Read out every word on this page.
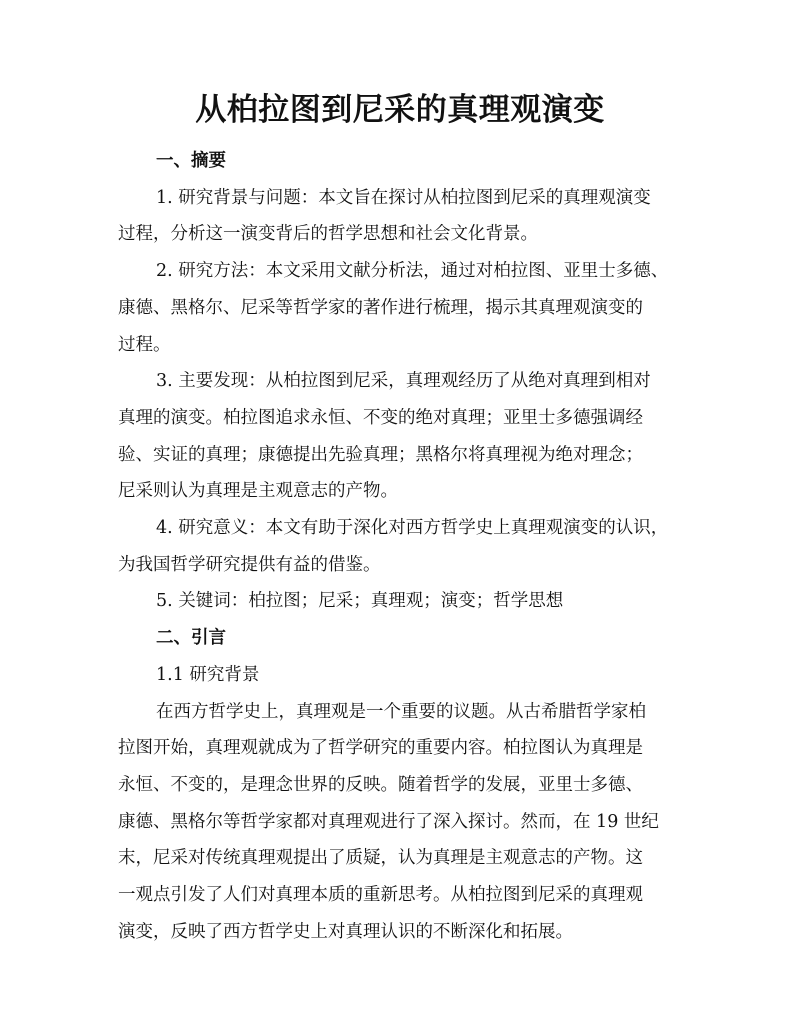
从柏拉图到尼采的真理观演变

一、摘要

1. 研究背景与问题：本文旨在探讨从柏拉图到尼采的真理观演变
过程，分析这一演变背后的哲学思想和社会文化背景。

2. 研究方法：本文采用文献分析法，通过对柏拉图、亚里士多德、
康德、黑格尔、尼采等哲学家的著作进行梳理，揭示其真理观演变的
过程。

3. 主要发现：从柏拉图到尼采，真理观经历了从绝对真理到相对
真理的演变。柏拉图追求永恒、不变的绝对真理；亚里士多德强调经
验、实证的真理；康德提出先验真理；黑格尔将真理视为绝对理念；
尼采则认为真理是主观意志的产物。

4. 研究意义：本文有助于深化对西方哲学史上真理观演变的认识，
为我国哲学研究提供有益的借鉴。

5. 关键词：柏拉图；尼采；真理观；演变；哲学思想

二、引言

1.1 研究背景

在西方哲学史上，真理观是一个重要的议题。从古希腊哲学家柏
拉图开始，真理观就成为了哲学研究的重要内容。柏拉图认为真理是
永恒、不变的，是理念世界的反映。随着哲学的发展，亚里士多德、
康德、黑格尔等哲学家都对真理观进行了深入探讨。然而，在 19 世纪
末，尼采对传统真理观提出了质疑，认为真理是主观意志的产物。这
一观点引发了人们对真理本质的重新思考。从柏拉图到尼采的真理观
演变，反映了西方哲学史上对真理认识的不断深化和拓展。
